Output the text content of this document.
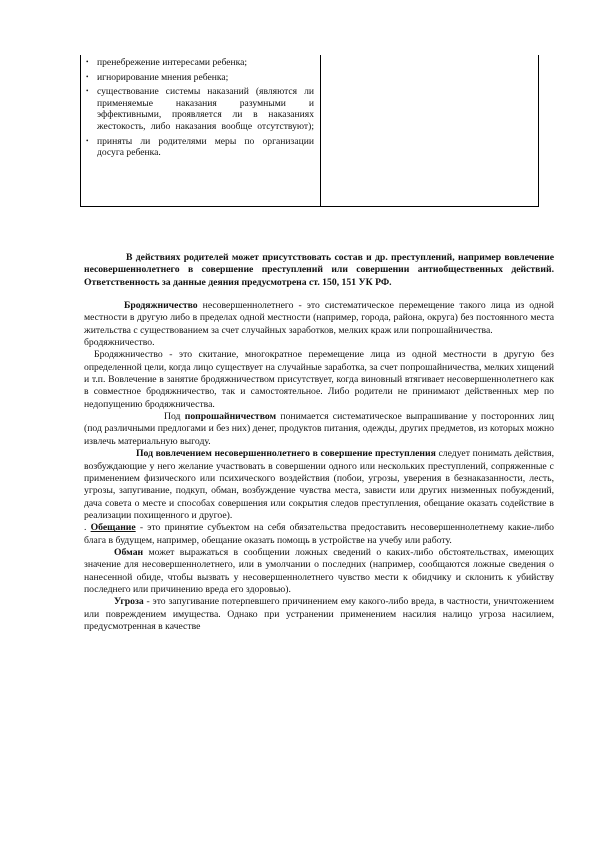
• пренебрежение интересами ребенка;
• игнорирование мнения ребенка;
• существование системы наказаний (являются ли применяемые наказания разумными и эффективными, проявляется ли в наказаниях жестокость, либо наказания вообще отсутствуют);
• приняты ли родителями меры по организации досуга ребенка.

В действиях родителей может присутствовать состав и др. преступлений, например вовлечение несовершеннолетнего в совершение преступлений или совершении антиобщественных действий. Ответственность за данные деяния предусмотрена ст. 150, 151 УК РФ.

Бродяжничество несовершеннолетнего - это систематическое перемещение такого лица из одной местности в другую либо в пределах одной местности (например, города, района, округа) без постоянного места жительства с существованием за счет случайных заработков, мелких краж или попрошайничества.

бродяжничество.

Бродяжничество - это скитание, многократное перемещение лица из одной местности в другую без определенной цели, когда лицо существует на случайные заработка, за счет попрошайничества, мелких хищений и т.п. Вовлечение в занятие бродяжничеством присутствует, когда виновный втягивает несовершеннолетнего как в совместное бродяжничество, так и самостоятельное. Либо родители не принимают действенных мер по недопущению бродяжничества.

Под попрошайничеством понимается систематическое выпрашивание у посторонних лиц (под различными предлогами и без них) денег, продуктов питания, одежды, других предметов, из которых можно извлечь материальную выгоду.

Под вовлечением несовершеннолетнего в совершение преступления следует понимать действия, возбуждающие у него желание участвовать в совершении одного или нескольких преступлений, сопряженные с применением физического или психического воздействия (побои, угрозы, уверения в безнаказанности, лесть, угрозы, запугивание, подкуп, обман, возбуждение чувства места, зависти или других низменных побуждений, дача совета о месте и способах совершения или сокрытия следов преступления, обещание оказать содействие в реализации похищенного и другое).

. Обещание - это принятие субъектом на себя обязательства предоставить несовершеннолетнему какие-либо блага в будущем, например, обещание оказать помощь в устройстве на учебу или работу.

Обман может выражаться в сообщении ложных сведений о каких-либо обстоятельствах, имеющих значение для несовершеннолетнего, или в умолчании о последних (например, сообщаются ложные сведения о нанесенной обиде, чтобы вызвать у несовершеннолетнего чувство мести к обидчику и склонить к убийству последнего или причинению вреда его здоровью).

Угроза - это запугивание потерпевшего причинением ему какого-либо вреда, в частности, уничтожением или повреждением имущества. Однако при устранении применением насилия налицо угроза насилием, предусмотренная в качестве
